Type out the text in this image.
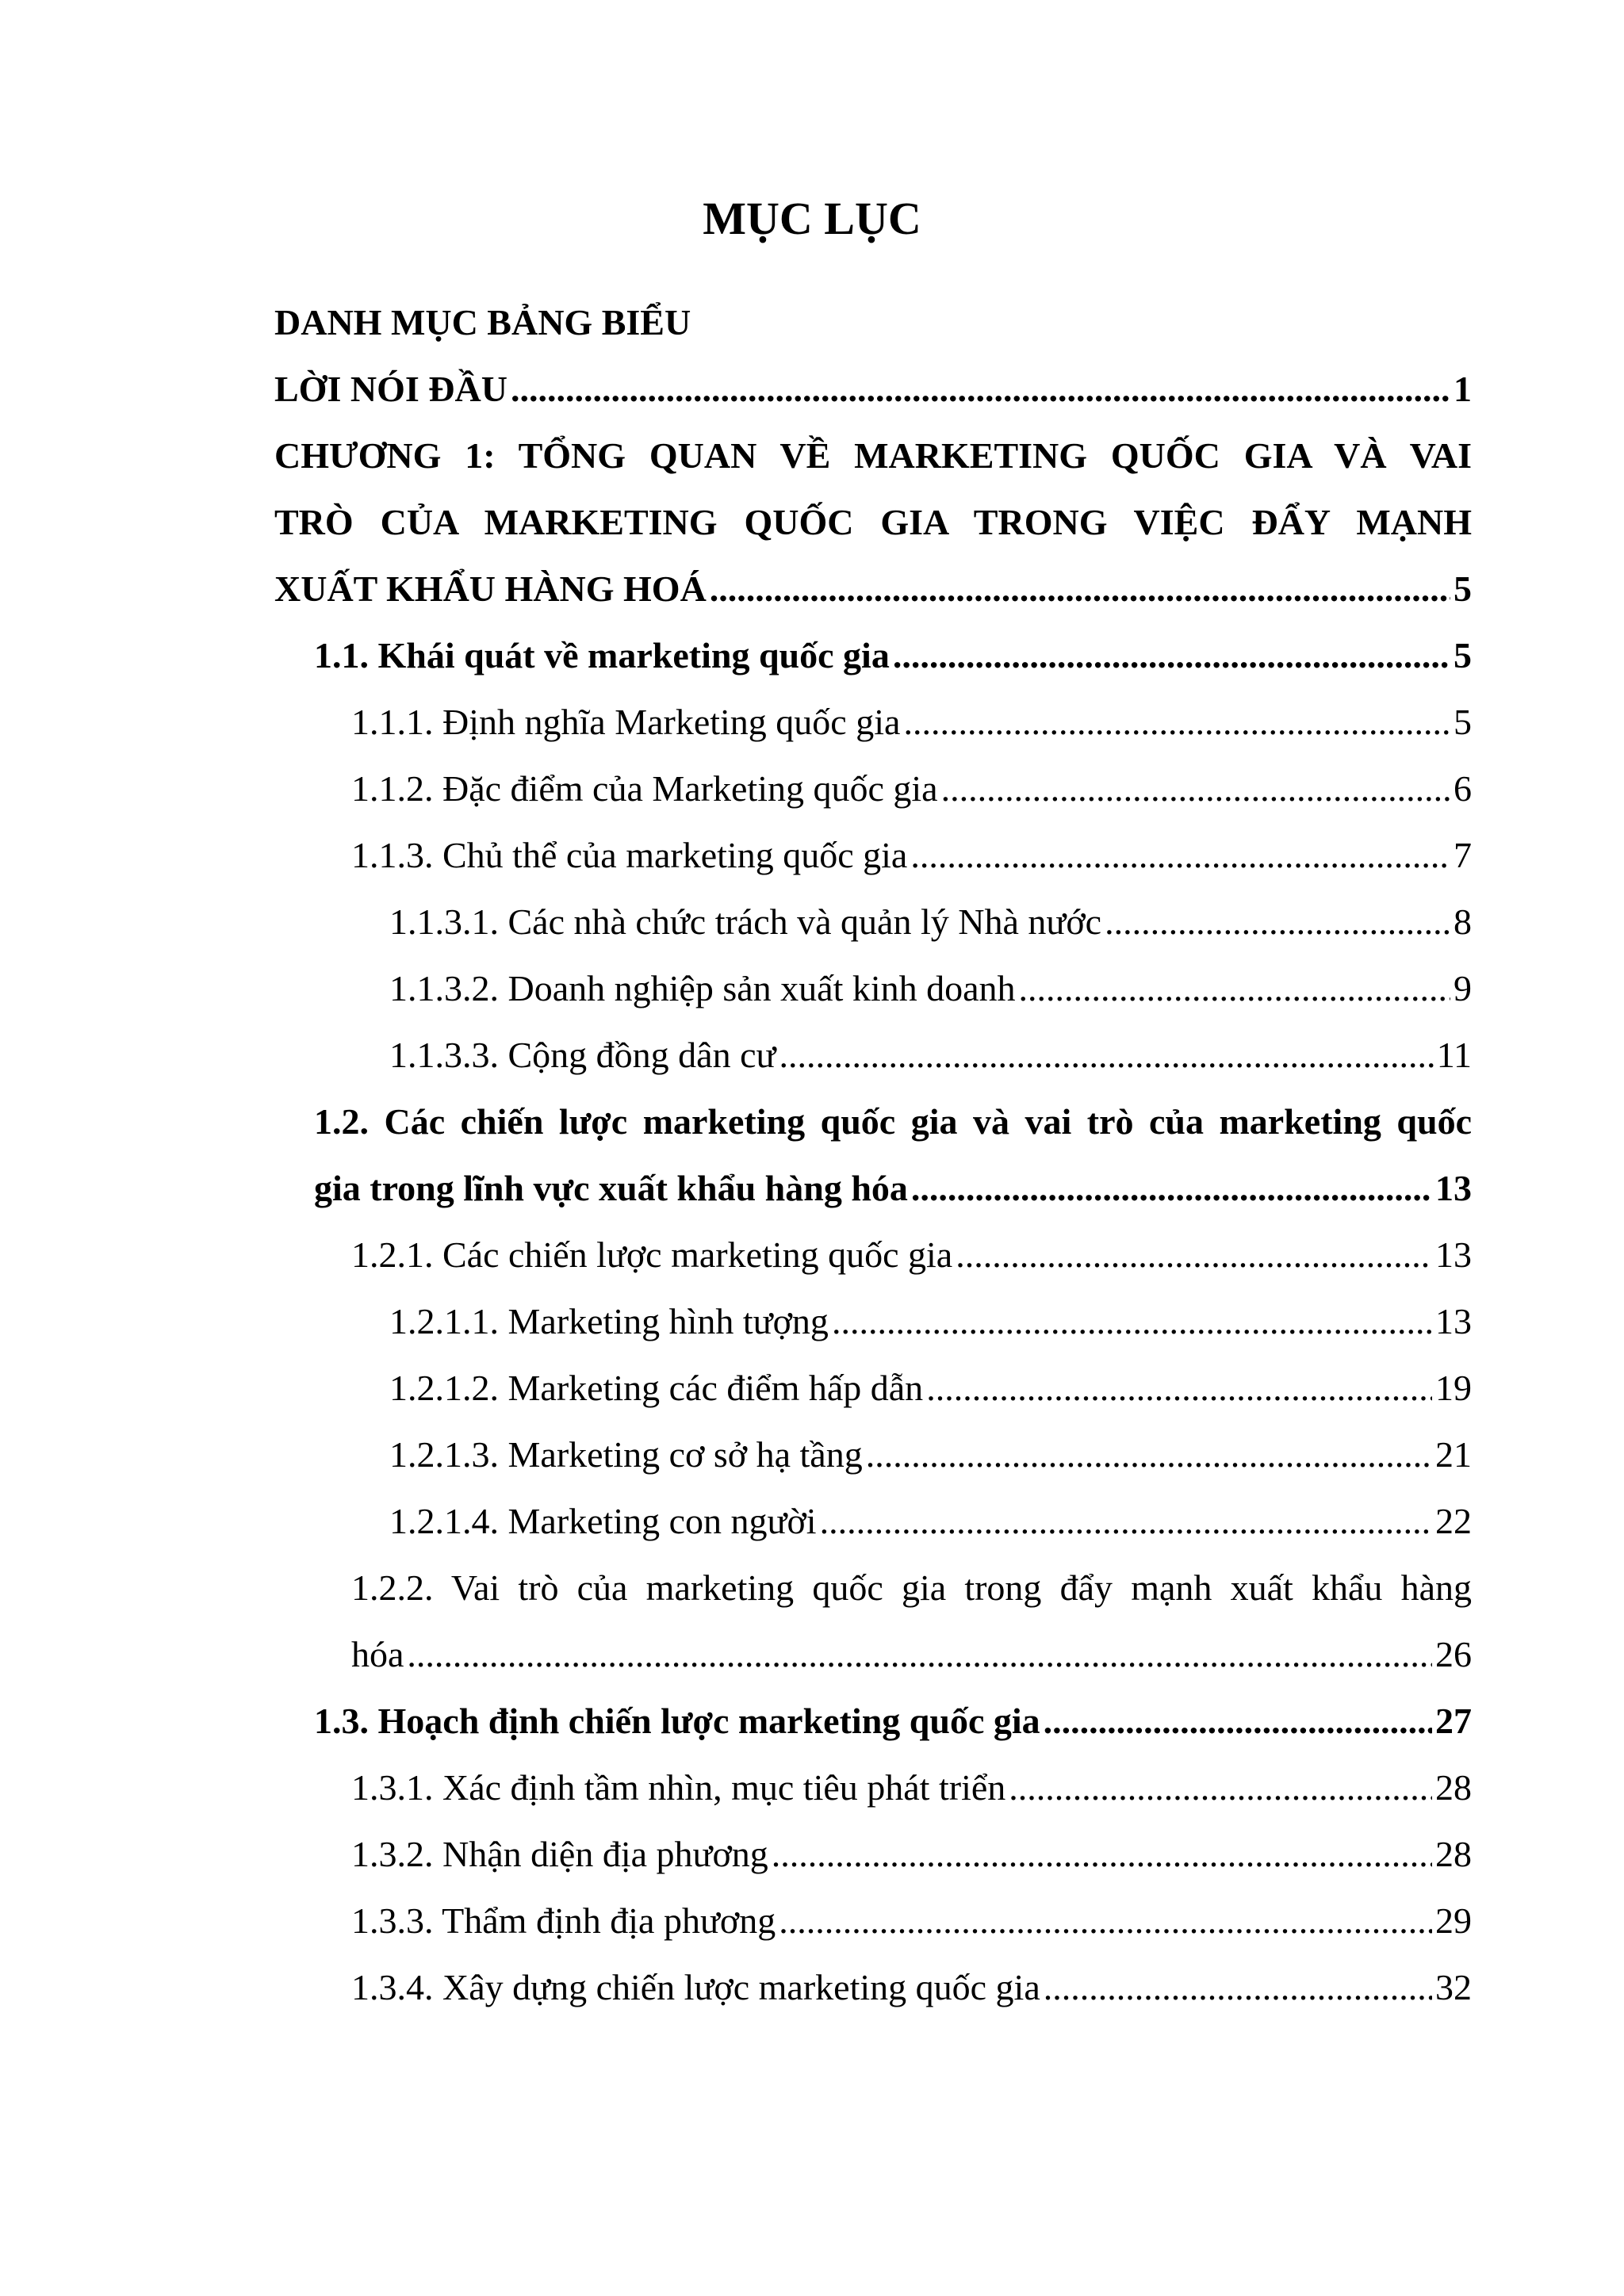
MỤC LỤC
DANH MỤC BẢNG BIỂU
LỜI NÓI ĐẦU .....	1
CHƯƠNG 1: TỔNG QUAN VỀ MARKETING QUỐC GIA VÀ VAI
TRÒ CỦA MARKETING QUỐC GIA TRONG VIỆC ĐẨY MẠNH
XUẤT KHẨU HÀNG HOÁ .....	5
1.1. Khái quát về marketing quốc gia .....	5
1.1.1. Định nghĩa Marketing quốc gia .....	5
1.1.2. Đặc điểm của Marketing quốc gia .....	6
1.1.3. Chủ thể của marketing quốc gia .....	7
1.1.3.1. Các nhà chức trách và quản lý Nhà nước .....	8
1.1.3.2. Doanh nghiệp sản xuất kinh doanh .....	9
1.1.3.3. Cộng đồng dân cư .....	11
1.2. Các chiến lược marketing quốc gia và vai trò của marketing quốc
gia trong lĩnh vực xuất khẩu hàng hóa .....	13
1.2.1. Các chiến lược marketing quốc gia .....	13
1.2.1.1. Marketing hình tượng .....	13
1.2.1.2. Marketing các điểm hấp dẫn .....	19
1.2.1.3. Marketing cơ sở hạ tầng .....	21
1.2.1.4. Marketing con người .....	22
1.2.2. Vai trò của marketing quốc gia trong đẩy mạnh xuất khẩu hàng
hóa .....	26
1.3. Hoạch định chiến lược marketing quốc gia .....	27
1.3.1. Xác định tầm nhìn, mục tiêu phát triển .....	28
1.3.2. Nhận diện địa phương .....	28
1.3.3. Thẩm định địa phương .....	29
1.3.4. Xây dựng chiến lược marketing quốc gia .....	32
